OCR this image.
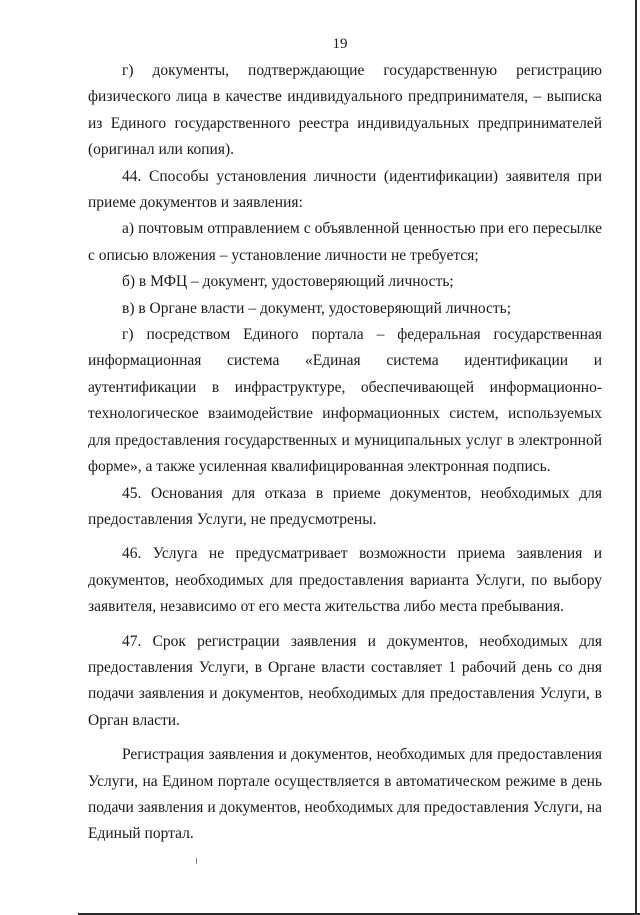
19

г) документы, подтверждающие государственную регистрацию физического лица в качестве индивидуального предпринимателя, – выписка из Единого государственного реестра индивидуальных предпринимателей (оригинал или копия).

44. Способы установления личности (идентификации) заявителя при приеме документов и заявления:

а) почтовым отправлением с объявленной ценностью при его пересылке с описью вложения – установление личности не требуется;

б) в МФЦ – документ, удостоверяющий личность;

в) в Органе власти – документ, удостоверяющий личность;

г) посредством Единого портала – федеральная государственная информационная система «Единая система идентификации и аутентификации в инфраструктуре, обеспечивающей информационно-технологическое взаимодействие информационных систем, используемых для предоставления государственных и муниципальных услуг в электронной форме», а также усиленная квалифицированная электронная подпись.

45. Основания для отказа в приеме документов, необходимых для предоставления Услуги, не предусмотрены.

46. Услуга не предусматривает возможности приема заявления и документов, необходимых для предоставления варианта Услуги, по выбору заявителя, независимо от его места жительства либо места пребывания.

47. Срок регистрации заявления и документов, необходимых для предоставления Услуги, в Органе власти составляет 1 рабочий день со дня подачи заявления и документов, необходимых для предоставления Услуги, в Орган власти.

Регистрация заявления и документов, необходимых для предоставления Услуги, на Едином портале осуществляется в автоматическом режиме в день подачи заявления и документов, необходимых для предоставления Услуги, на Единый портал.
